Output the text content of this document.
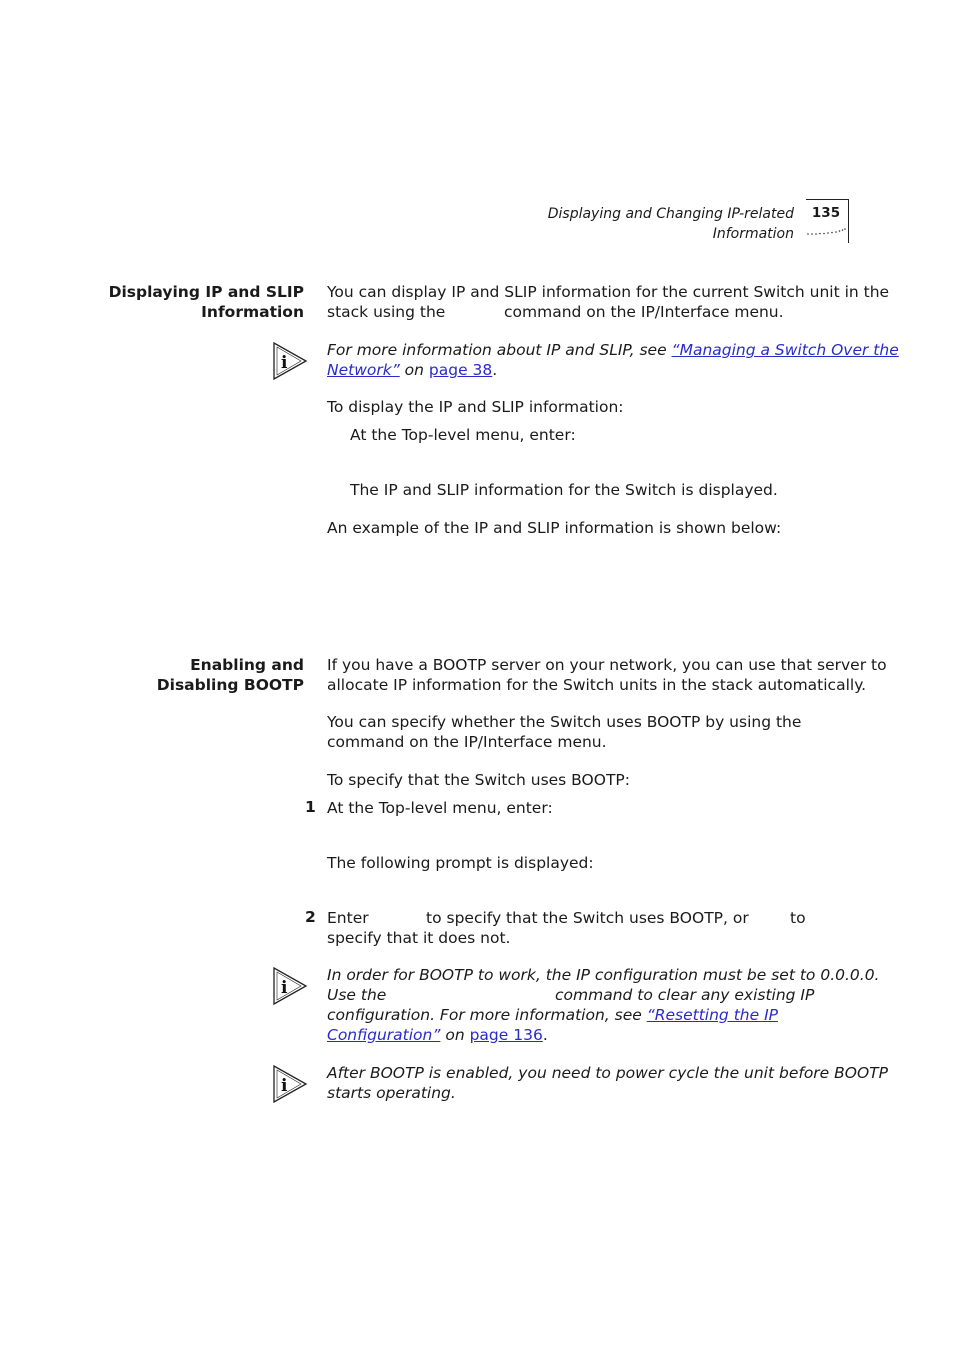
Displaying and Changing IP-related Information
135
Displaying IP and SLIP
Information
You can display IP and SLIP information for the current Switch unit in the
stack using the	command on the IP/Interface menu.
i
For more information about IP and SLIP, see “Managing a Switch Over the
Network” on page 38.
To display the IP and SLIP information:
At the Top-level menu, enter:
The IP and SLIP information for the Switch is displayed.
An example of the IP and SLIP information is shown below:
Enabling and
Disabling BOOTP
If you have a BOOTP server on your network, you can use that server to
allocate IP information for the Switch units in the stack automatically.
You can specify whether the Switch uses BOOTP by using the
command on the IP/Interface menu.
To specify that the Switch uses BOOTP:
1 At the Top-level menu, enter:
The following prompt is displayed:
2 Enter	to specify that the Switch uses BOOTP, or	to
specify that it does not.
i
In order for BOOTP to work, the IP configuration must be set to 0.0.0.0.
Use the	command to clear any existing IP
configuration. For more information, see “Resetting the IP
Configuration” on page 136.
i
After BOOTP is enabled, you need to power cycle the unit before BOOTP
starts operating.
